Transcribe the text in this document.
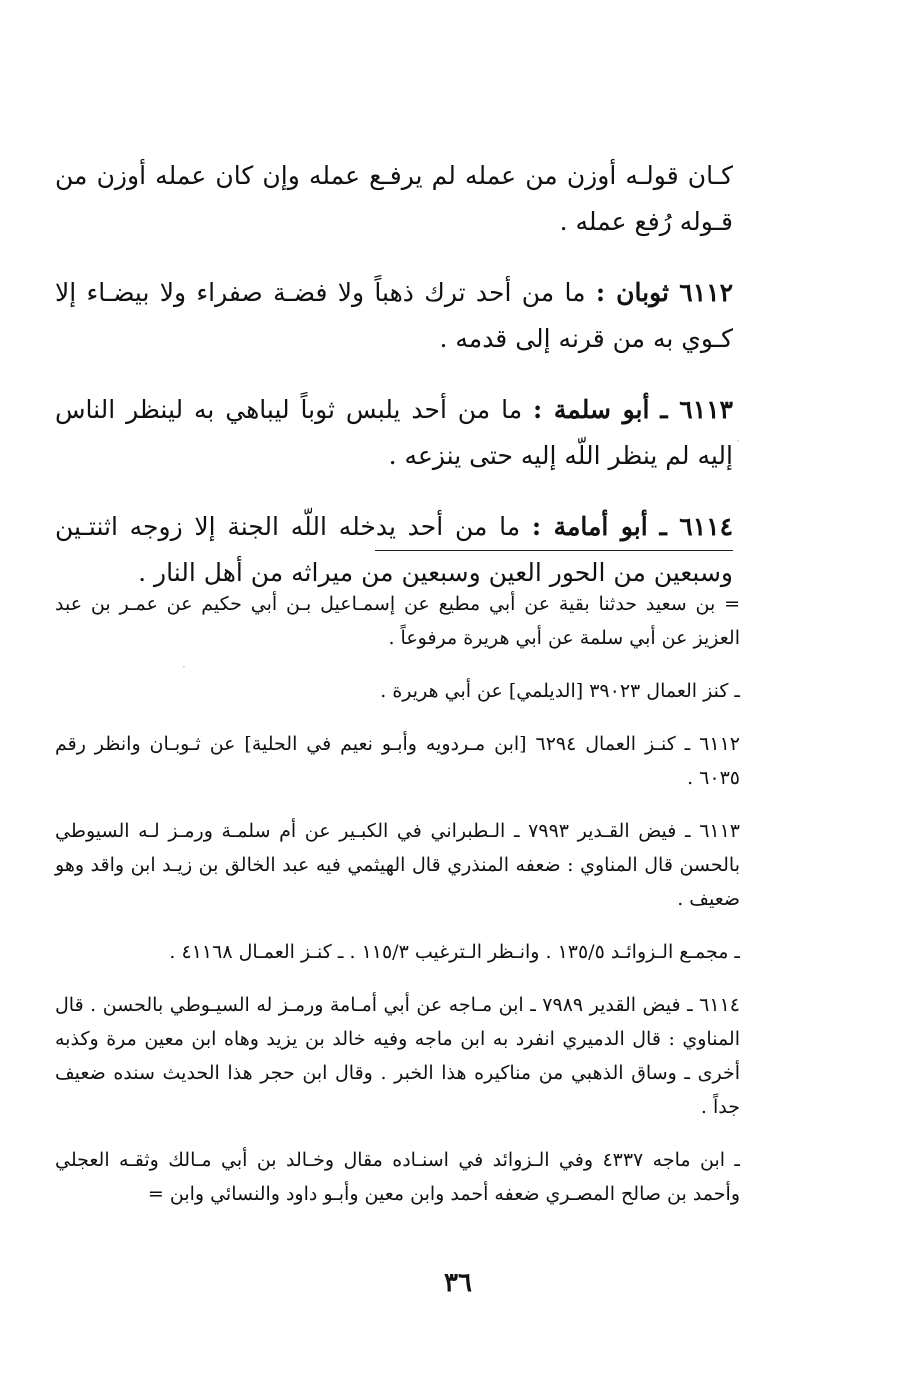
كـان قولـه أوزن من عمله لم يرفـع عمله وإن كان عمله أوزن من قـوله رُفع عمله .

٦١١٢ ثوبان : ما من أحد ترك ذهباً ولا فضـة صفراء ولا بيضـاء إلا كـوي به من قرنه إلى قدمه .

٦١١٣ ـ أبو سلمة : ما من أحد يلبس ثوباً ليباهي به لينظر الناس إليه لم ينظر اللّه إليه حتى ينزعه .

٦١١٤ ـ أبو أمامة : ما من أحد يدخله اللّه الجنة إلا زوجه اثنتـين وسبعين من الحور العين وسبعين من ميراثه من أهل النار .

= بن سعيد حدثنا بقية عن أبي مطيع عن إسمـاعيل بـن أبي حكيم عن عمـر بن عبد العزيز عن أبي سلمة عن أبي هريرة مرفوعاً .

ـ كنز العمال ٣٩٠٢٣ [الديلمي] عن أبي هريرة .

٦١١٢ ـ كنـز العمال ٦٢٩٤ [ابن مـردويه وأبـو نعيم في الحلية] عن ثـوبـان وانظر رقم ٦٠٣٥ .

٦١١٣ ـ فيض القـدير ٧٩٩٣ ـ الـطبراني في الكبـير عن أم سلمـة ورمـز لـه السيوطي بالحسن قال المناوي : ضعفه المنذري قال الهيثمي فيه عبد الخالق بن زيـد ابن واقد وهو ضعيف .

ـ مجمـع الـزوائـد ١٣٥/٥ . وانـظر الـترغيب ١١٥/٣ . ـ كنـز العمـال ٤١١٦٨ .

٦١١٤ ـ فيض القدير ٧٩٨٩ ـ ابن مـاجه عن أبي أمـامة ورمـز له السيـوطي بالحسن . قال المناوي : قال الدميري انفرد به ابن ماجه وفيه خالد بن يزيد وهاه ابن معين مرة وكذبه أخرى ـ وساق الذهبي من مناكيره هذا الخبر . وقال ابن حجر هذا الحديث سنده ضعيف جداً .

ـ ابن ماجه ٤٣٣٧ وفي الـزوائد في اسنـاده مقال وخـالد بن أبي مـالك وثقـه العجلي وأحمد بن صالح المصـري ضعفه أحمد وابن معين وأبـو داود والنسائي وابن =

٣٦
·
·
